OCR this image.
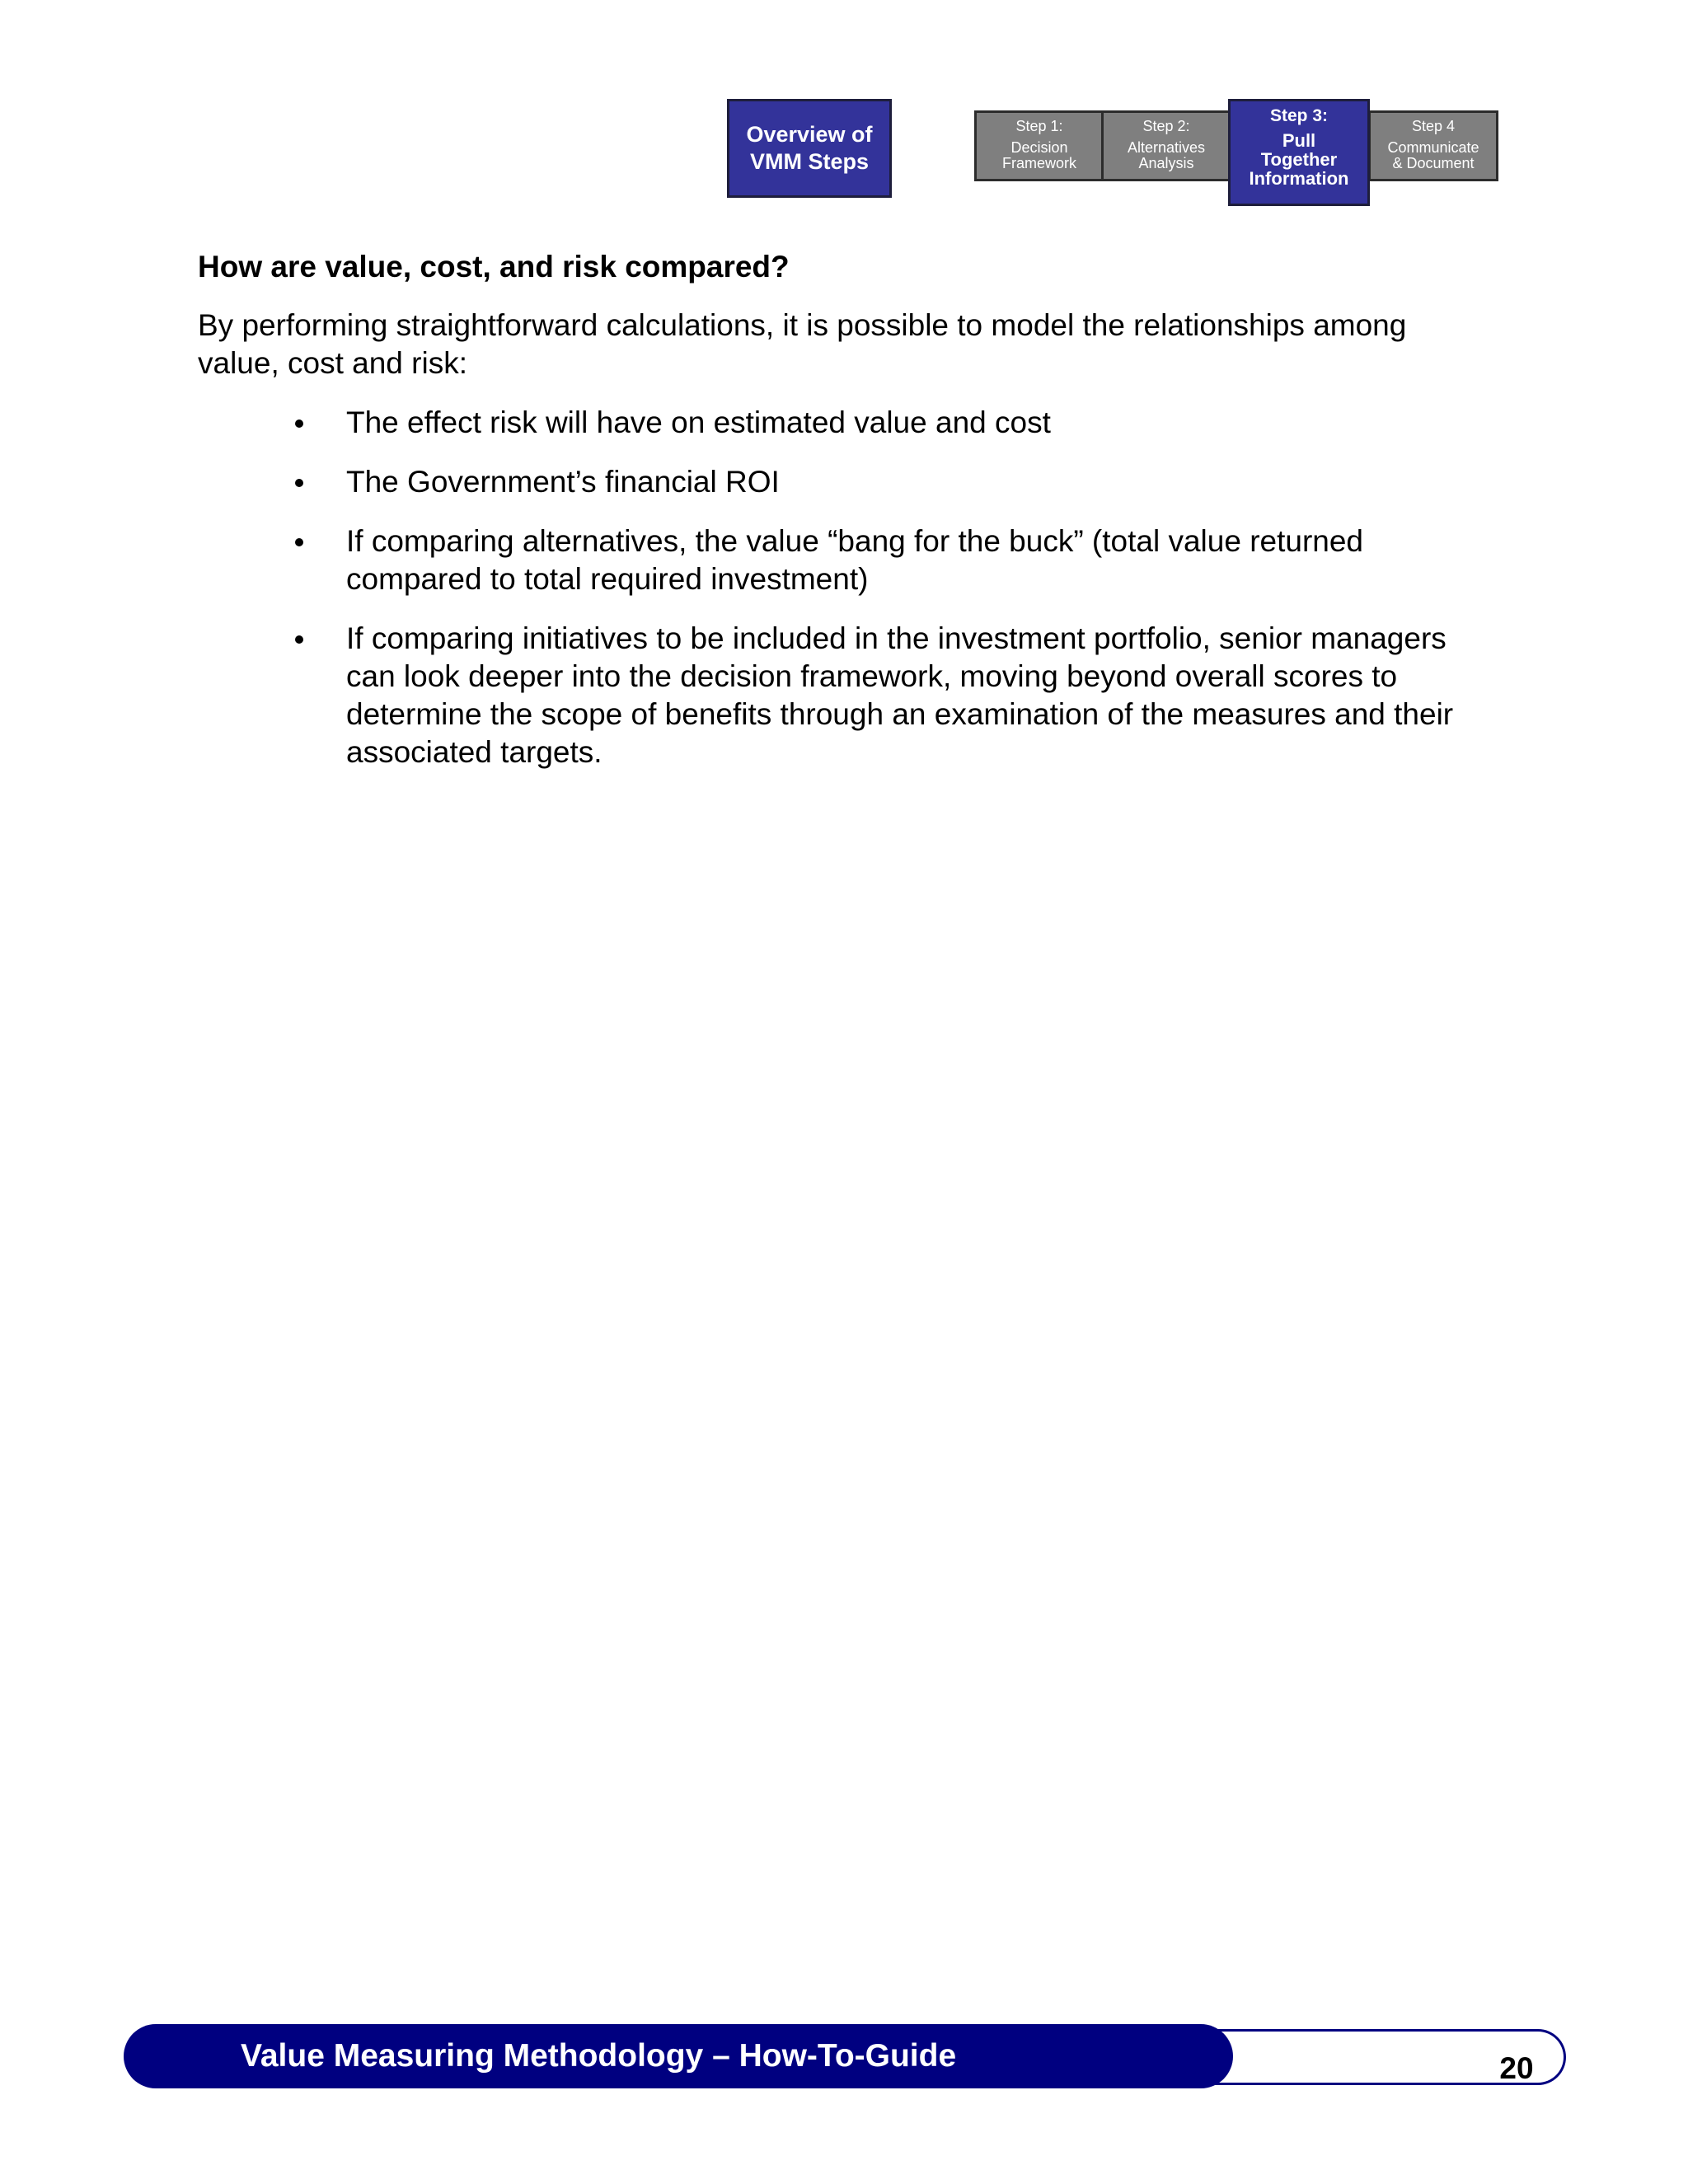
Overview of
VMM Steps
Step 1:
Decision
Framework
Step 2:
Alternatives
Analysis
Step 4
Communicate
& Document
Step 3:
Pull
Together
Information
How are value, cost, and risk compared?

By performing straightforward calculations, it is possible to model the relationships among value, cost and risk:

The effect risk will have on estimated value and cost
The Government’s financial ROI
If comparing alternatives, the value “bang for the buck” (total value returned compared to total required investment)
If comparing initiatives to be included in the investment portfolio, senior managers can look deeper into the decision framework, moving beyond overall scores to determine the scope of benefits through an examination of the measures and their associated targets.
Value Measuring Methodology – How-To-Guide	20
